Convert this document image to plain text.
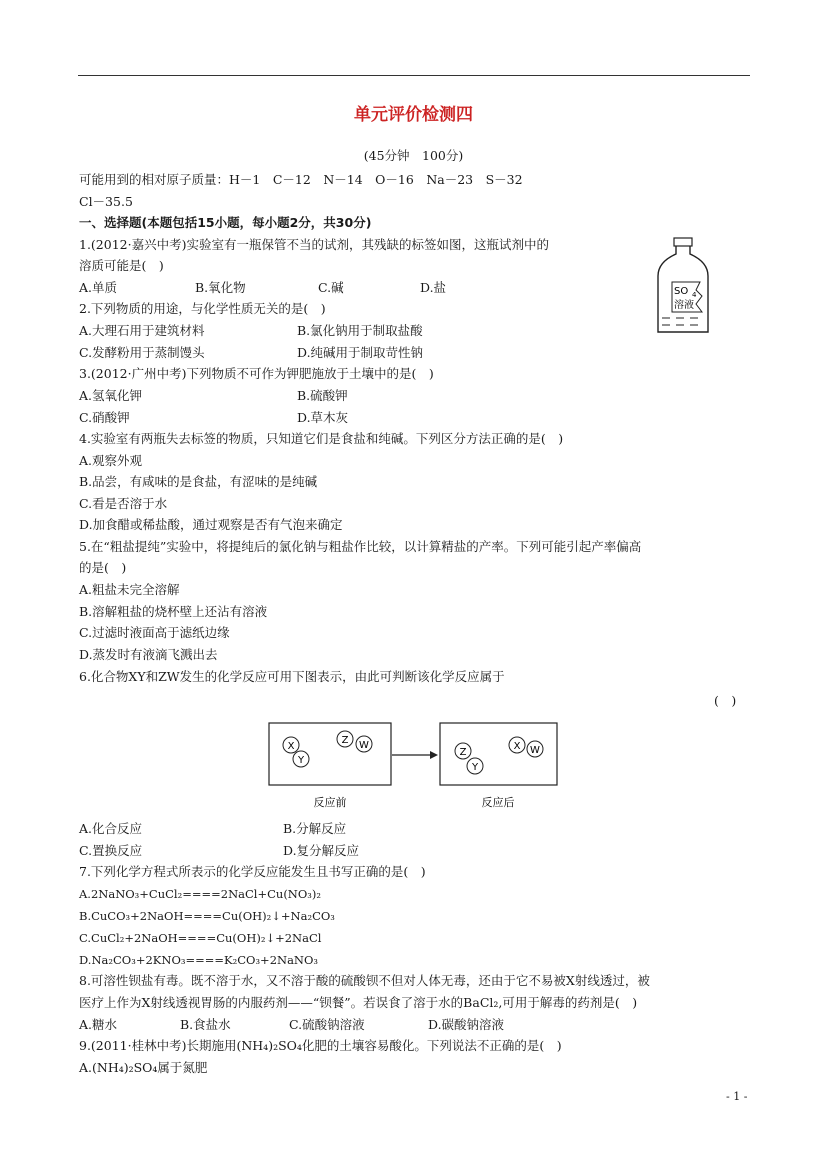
单元评价检测四
(45分钟　100分)
可能用到的相对原子质量：H－1　C－12　N－14　O－16　Na－23　S－32
Cl－35.5
一、选择题(本题包括15小题，每小题2分，共30分)
1.(2012·嘉兴中考)实验室有一瓶保管不当的试剂，其残缺的标签如图，这瓶试剂中的
溶质可能是(　)
A.单质	B.氧化物	C.碱	D.盐	SO 4
溶液
2.下列物质的用途，与化学性质无关的是(　)
A.大理石用于建筑材料	B.氯化钠用于制取盐酸
C.发酵粉用于蒸制馒头	D.纯碱用于制取苛性钠
3.(2012·广州中考)下列物质不可作为钾肥施放于土壤中的是(　)
A.氢氧化钾	B.硫酸钾
C.硝酸钾	D.草木灰
4.实验室有两瓶失去标签的物质，只知道它们是食盐和纯碱。下列区分方法正确的是(　)
A.观察外观
B.品尝，有咸味的是食盐，有涩味的是纯碱
C.看是否溶于水
D.加食醋或稀盐酸，通过观察是否有气泡来确定
5.在“粗盐提纯”实验中，将提纯后的氯化钠与粗盐作比较，以计算精盐的产率。下列可能引起产率偏高
的是(　)
A.粗盐未完全溶解
B.溶解粗盐的烧杯壁上还沾有溶液
C.过滤时液面高于滤纸边缘
D.蒸发时有液滴飞溅出去
6.化合物XY和ZW发生的化学反应可用下图表示，由此可判断该化学反应属于
(　)
X
Y
Z W
Z
Y
X W
反应前	反应后
A.化合反应	B.分解反应
C.置换反应	D.复分解反应
7.下列化学方程式所表示的化学反应能发生且书写正确的是(　)
A.2NaNO₃+CuCl₂====2NaCl+Cu(NO₃)₂
B.CuCO₃+2NaOH====Cu(OH)₂↓+Na₂CO₃
C.CuCl₂+2NaOH====Cu(OH)₂↓+2NaCl
D.Na₂CO₃+2KNO₃====K₂CO₃+2NaNO₃
8.可溶性钡盐有毒。既不溶于水，又不溶于酸的硫酸钡不但对人体无毒，还由于它不易被X射线透过，被
医疗上作为X射线透视胃肠的内服药剂——“钡餐”。若误食了溶于水的BaCl₂,可用于解毒的药剂是(　)
A.糖水	B.食盐水	C.硫酸钠溶液	D.碳酸钠溶液
9.(2011·桂林中考)长期施用(NH₄)₂SO₄化肥的土壤容易酸化。下列说法不正确的是(　)
A.(NH₄)₂SO₄属于氮肥
- 1 -
